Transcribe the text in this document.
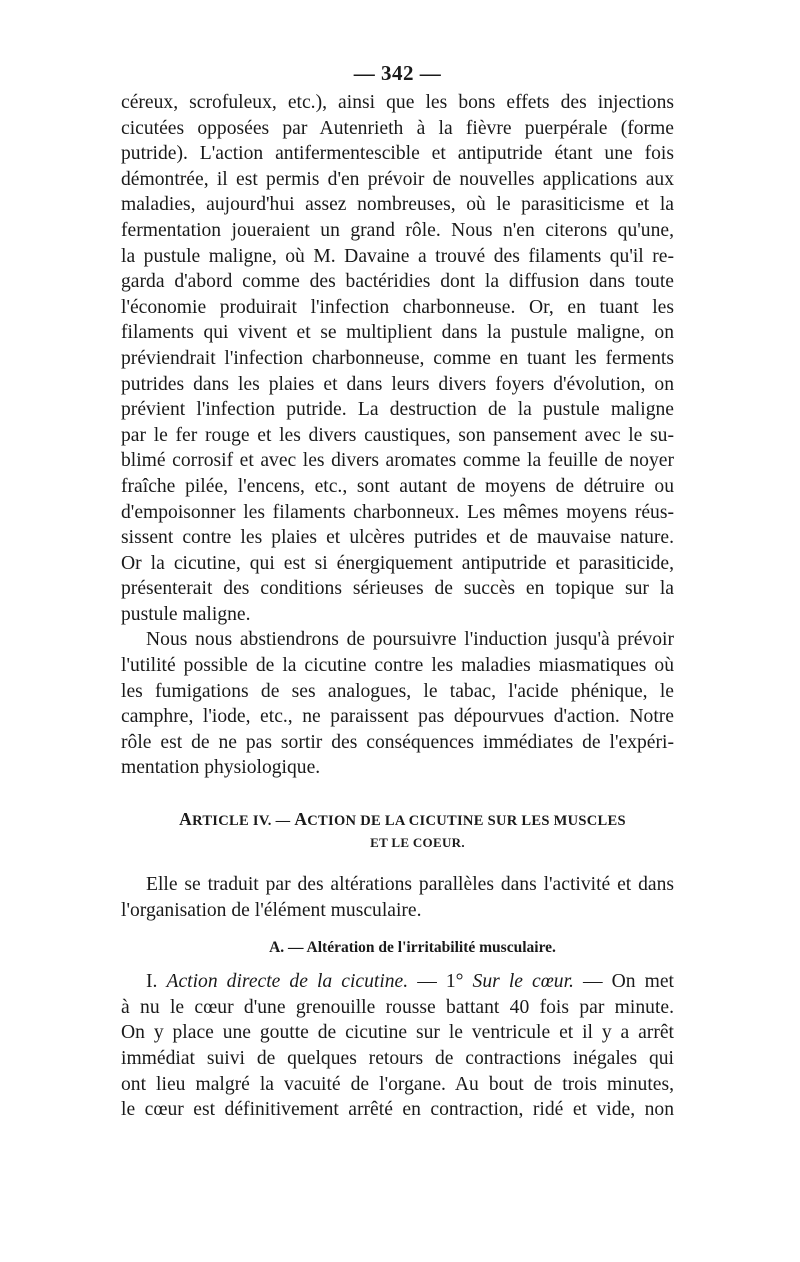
— 342 —

céreux, scrofuleux, etc.), ainsi que les bons effets des injections
cicutées opposées par Autenrieth à la fièvre puerpérale (forme
putride). L'action antifermentescible et antiputride étant une fois
démontrée, il est permis d'en prévoir de nouvelles applications aux
maladies, aujourd'hui assez nombreuses, où le parasiticisme et la
fermentation joueraient un grand rôle. Nous n'en citerons qu'une,
la pustule maligne, où M. Davaine a trouvé des filaments qu'il re-
garda d'abord comme des bactéridies dont la diffusion dans toute
l'économie produirait l'infection charbonneuse. Or, en tuant les
filaments qui vivent et se multiplient dans la pustule maligne, on
préviendrait l'infection charbonneuse, comme en tuant les ferments
putrides dans les plaies et dans leurs divers foyers d'évolution, on
prévient l'infection putride. La destruction de la pustule maligne
par le fer rouge et les divers caustiques, son pansement avec le su-
blimé corrosif et avec les divers aromates comme la feuille de noyer
fraîche pilée, l'encens, etc., sont autant de moyens de détruire ou
d'empoisonner les filaments charbonneux. Les mêmes moyens réus-
sissent contre les plaies et ulcères putrides et de mauvaise nature.
Or la cicutine, qui est si énergiquement antiputride et parasiticide,
présenterait des conditions sérieuses de succès en topique sur la
pustule maligne.

Nous nous abstiendrons de poursuivre l'induction jusqu'à prévoir
l'utilité possible de la cicutine contre les maladies miasmatiques où
les fumigations de ses analogues, le tabac, l'acide phénique, le
camphre, l'iode, etc., ne paraissent pas dépourvues d'action. Notre
rôle est de ne pas sortir des conséquences immédiates de l'expéri-
mentation physiologique.

ARTICLE IV. — ACTION DE LA CICUTINE SUR LES MUSCLES
ET LE COEUR.

Elle se traduit par des altérations parallèles dans l'activité et dans
l'organisation de l'élément musculaire.

A. — Altération de l'irritabilité musculaire.

I. Action directe de la cicutine. — 1° Sur le cœur. — On met
à nu le cœur d'une grenouille rousse battant 40 fois par minute.
On y place une goutte de cicutine sur le ventricule et il y a arrêt
immédiat suivi de quelques retours de contractions inégales qui
ont lieu malgré la vacuité de l'organe. Au bout de trois minutes,
le cœur est définitivement arrêté en contraction, ridé et vide, non
